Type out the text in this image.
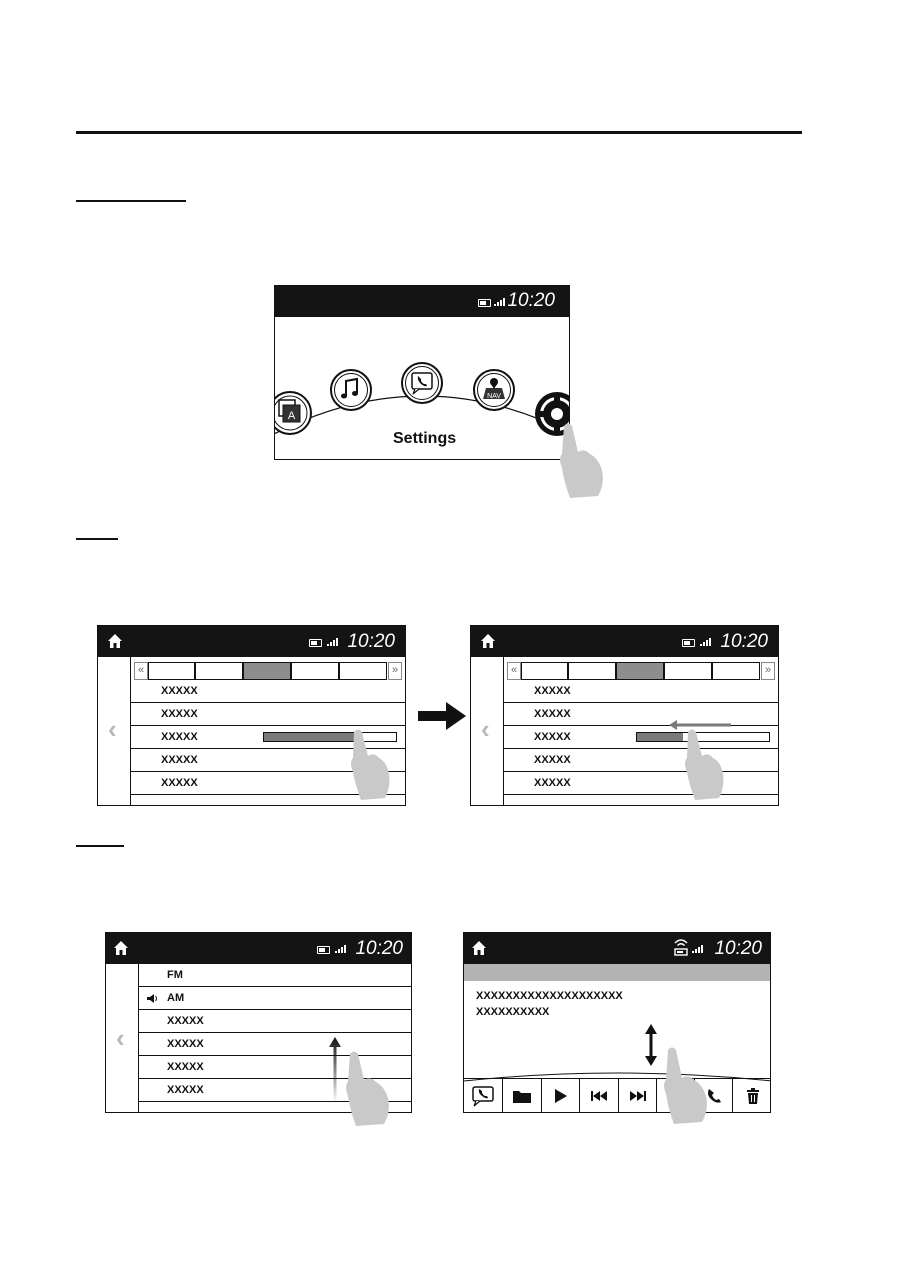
10:20
A
NAV
Settings
10:20
‹
«	»
XXXXX
XXXXX
XXXXX
XXXXX
XXXXX
10:20
‹
«	»
XXXXX
XXXXX
XXXXX
XXXXX
XXXXX
10:20
‹
FM
AM
XXXXX
XXXXX
XXXXX
XXXXX
10:20
XXXXXXXXXXXXXXXXXXXX
XXXXXXXXXX
